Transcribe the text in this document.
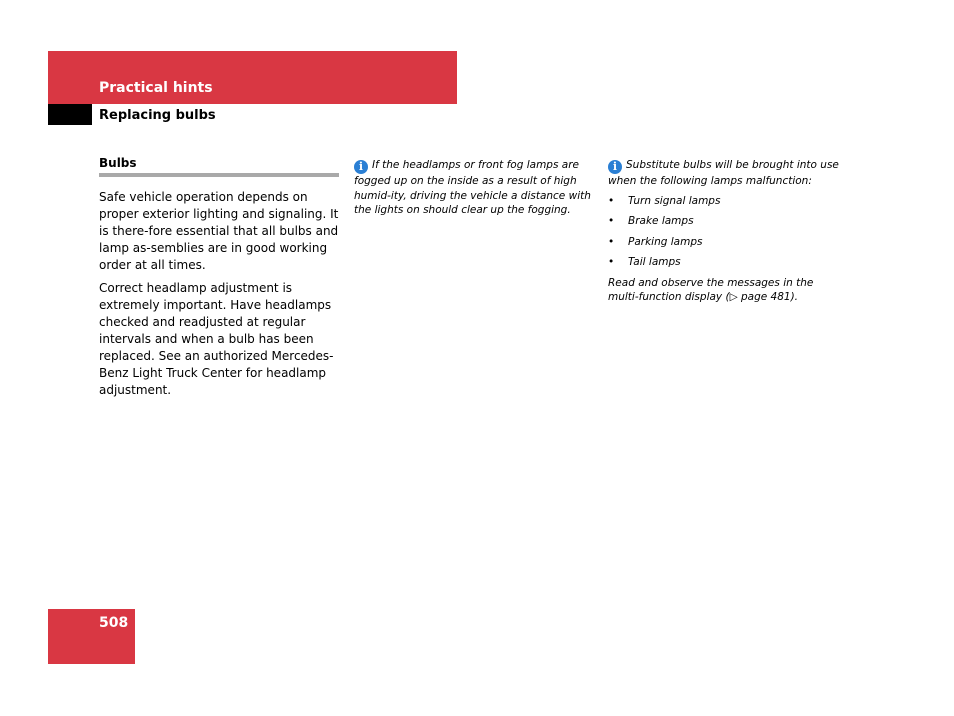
Practical hints
Replacing bulbs
Bulbs

Safe vehicle operation depends on proper exterior lighting and signaling. It is there-fore essential that all bulbs and lamp as-semblies are in good working order at all times.

Correct headlamp adjustment is extremely important. Have headlamps checked and readjusted at regular intervals and when a bulb has been replaced. See an authorized Mercedes-Benz Light Truck Center for headlamp adjustment.

i If the headlamps or front fog lamps are fogged up on the inside as a result of high humid-ity, driving the vehicle a distance with the lights on should clear up the fogging.

i Substitute bulbs will be brought into use when the following lamps malfunction:

• Turn signal lamps
• Brake lamps
• Parking lamps
• Tail lamps

Read and observe the messages in the multi-function display (▷ page 481).

508
